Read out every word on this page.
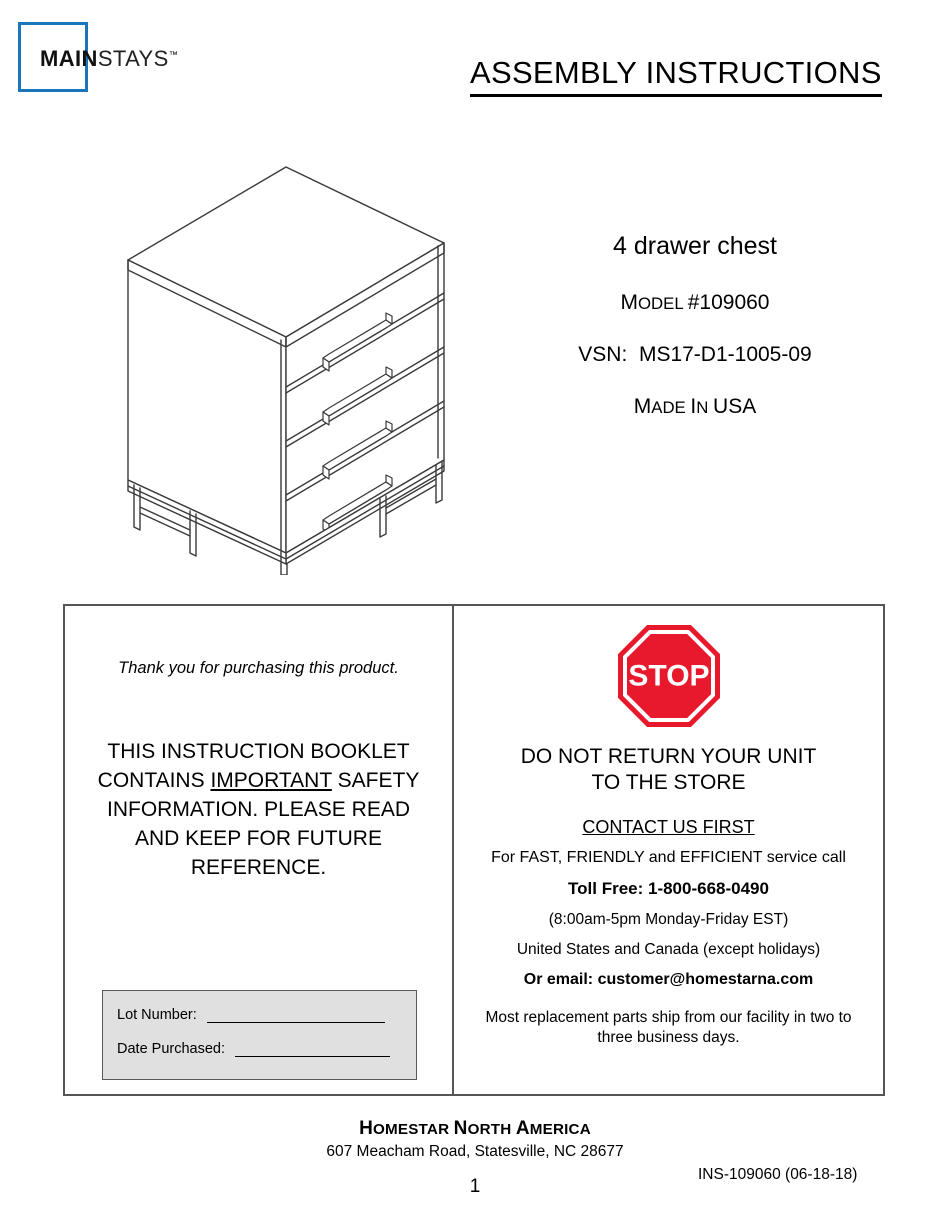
MAINSTAYS™
ASSEMBLY INSTRUCTIONS
4 drawer chest
MODEL #109060
VSN: MS17-D1-1005-09
MADE IN USA
Thank you for purchasing this product.
THIS INSTRUCTION BOOKLET CONTAINS IMPORTANT SAFETY INFORMATION. PLEASE READ AND KEEP FOR FUTURE REFERENCE.
Lot Number:
Date Purchased:
STOP
DO NOT RETURN YOUR UNIT
TO THE STORE
CONTACT US FIRST
For FAST, FRIENDLY and EFFICIENT service call
Toll Free: 1-800-668-0490
(8:00am-5pm Monday-Friday EST)
United States and Canada (except holidays)
Or email: customer@homestarna.com
Most replacement parts ship from our facility in two to three business days.
HOMESTAR NORTH AMERICA
607 Meacham Road, Statesville, NC 28677
1
INS-109060 (06-18-18)
